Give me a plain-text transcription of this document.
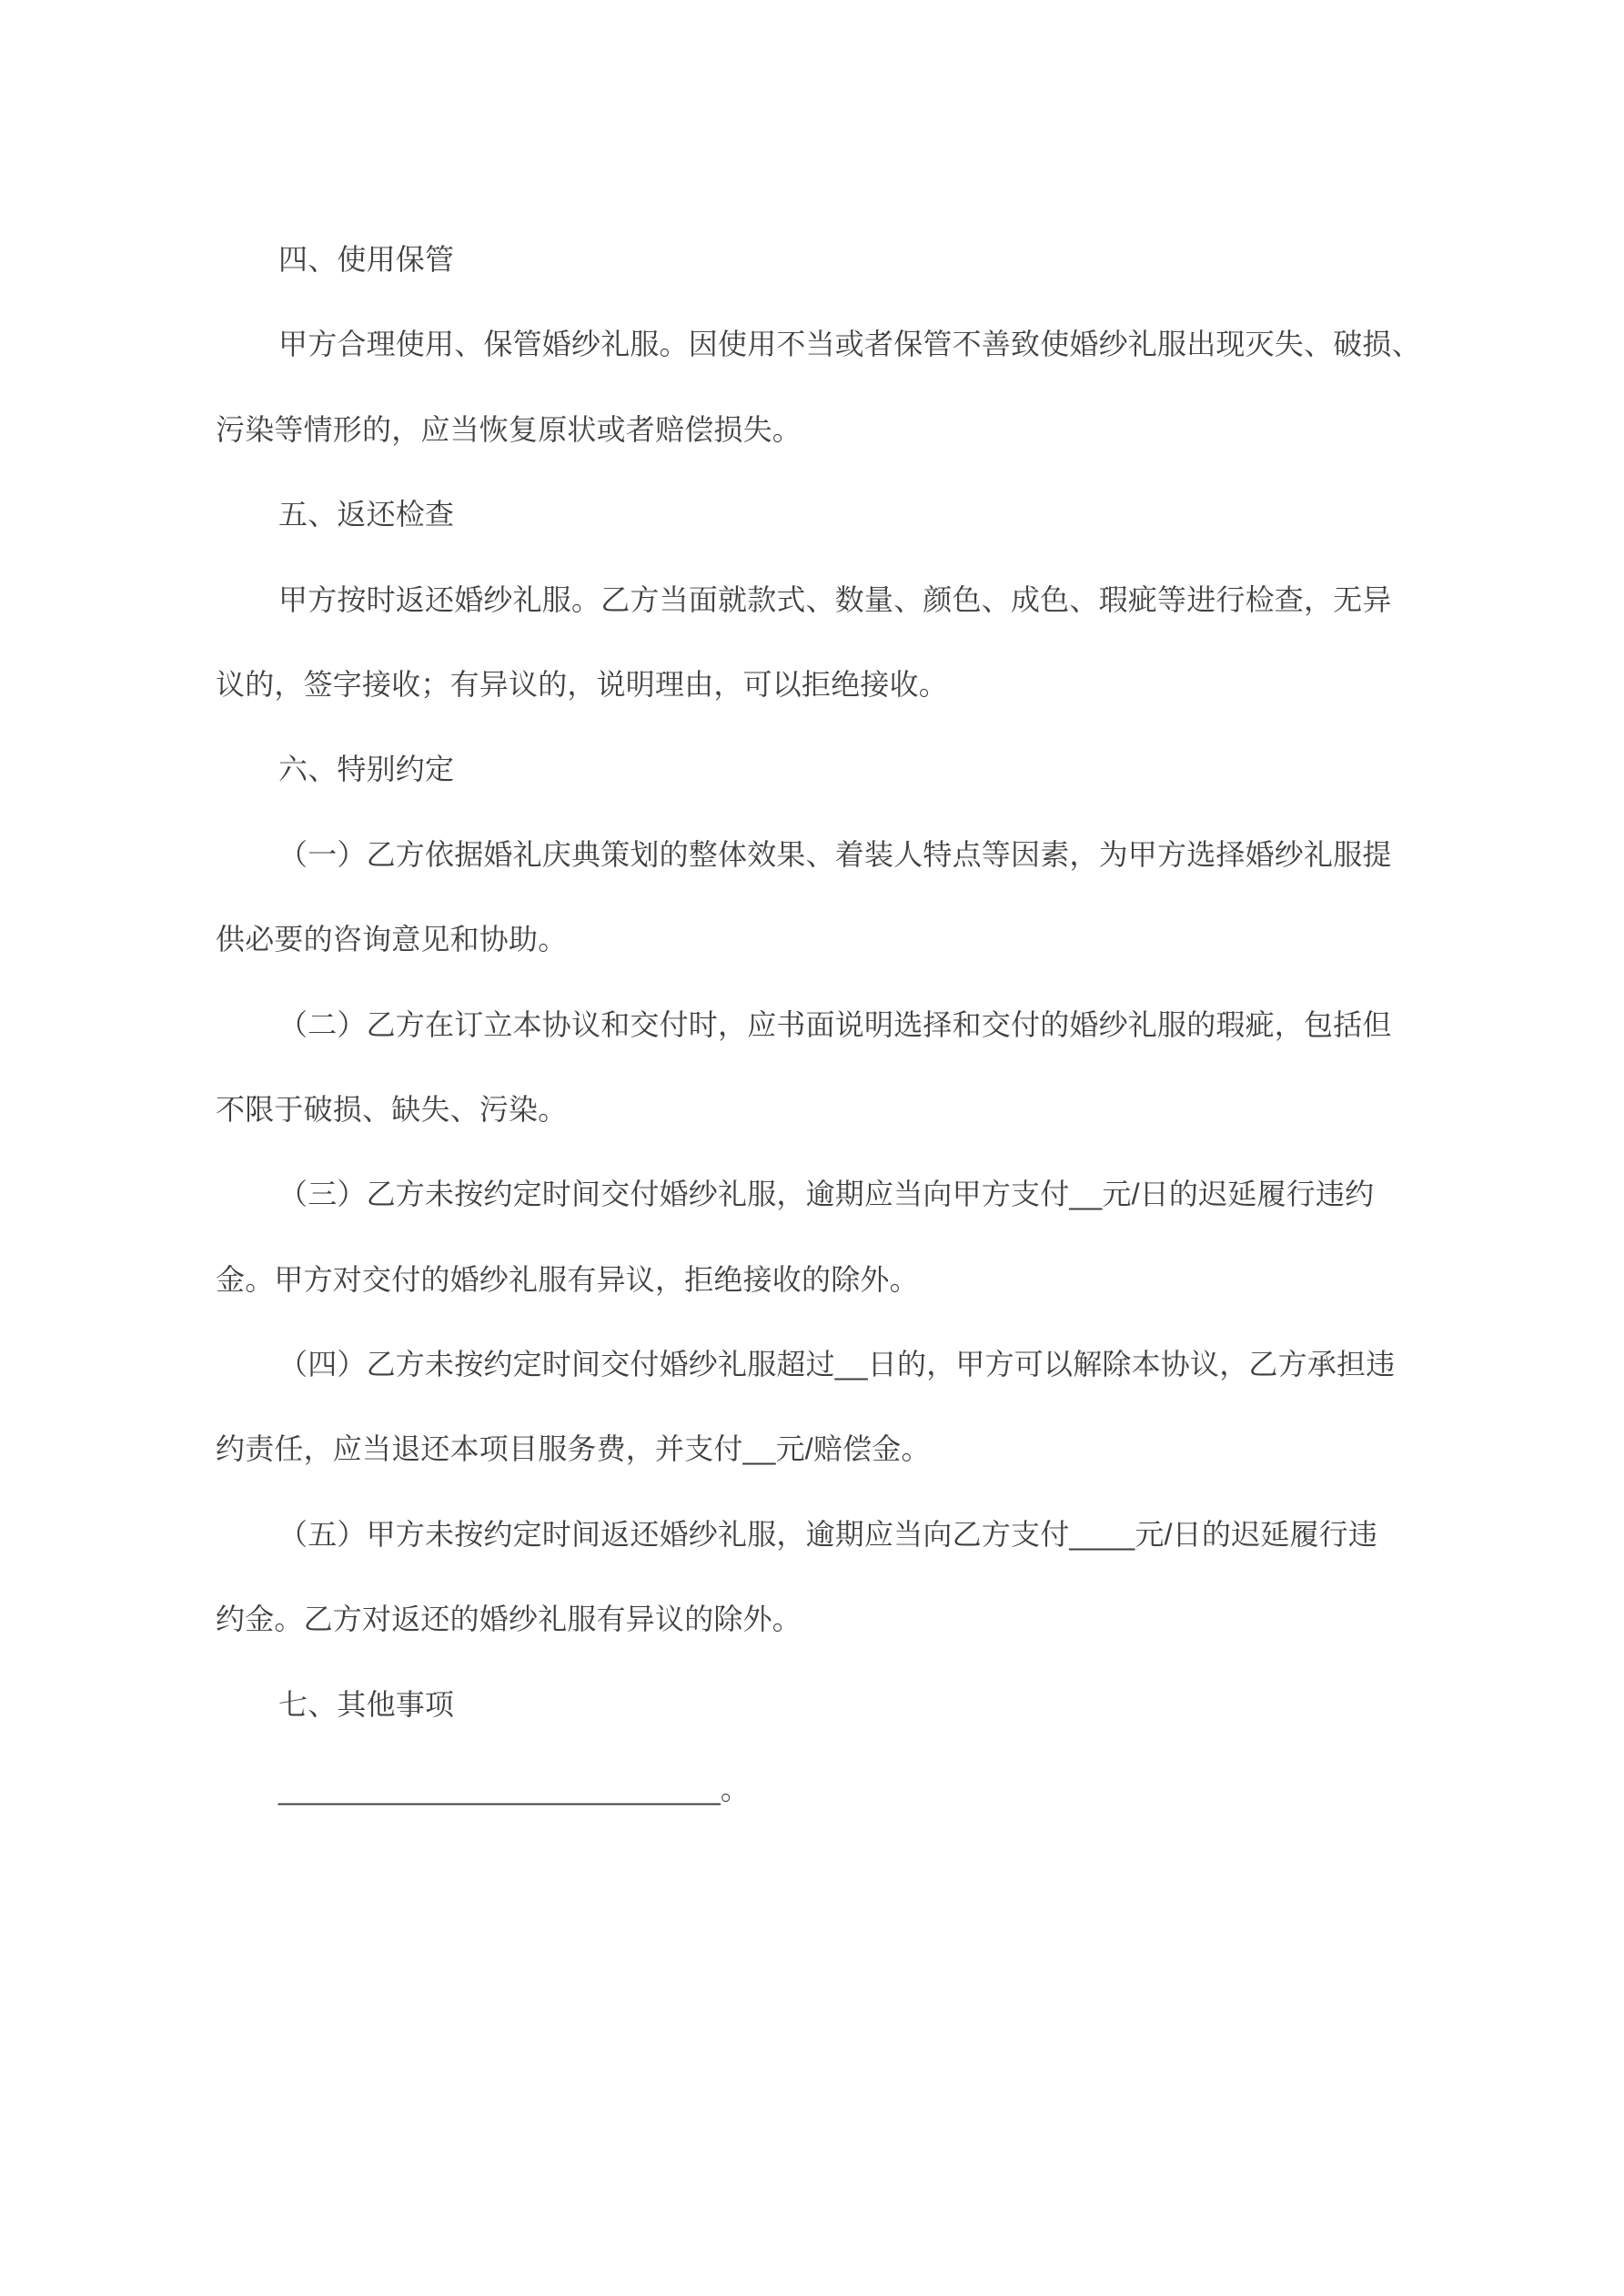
四、使用保管
甲方合理使用、保管婚纱礼服。因使用不当或者保管不善致使婚纱礼服出现灭失、破损、
污染等情形的，应当恢复原状或者赔偿损失。
五、返还检查
甲方按时返还婚纱礼服。乙方当面就款式、数量、颜色、成色、瑕疵等进行检查，无异
议的，签字接收；有异议的，说明理由，可以拒绝接收。
六、特别约定
（一）乙方依据婚礼庆典策划的整体效果、着装人特点等因素，为甲方选择婚纱礼服提
供必要的咨询意见和协助。
（二）乙方在订立本协议和交付时，应书面说明选择和交付的婚纱礼服的瑕疵，包括但
不限于破损、缺失、污染。
（三）乙方未按约定时间交付婚纱礼服，逾期应当向甲方支付__元/日的迟延履行违约
金。甲方对交付的婚纱礼服有异议，拒绝接收的除外。
（四）乙方未按约定时间交付婚纱礼服超过__日的，甲方可以解除本协议，乙方承担违
约责任，应当退还本项目服务费，并支付__元/赔偿金。
（五）甲方未按约定时间返还婚纱礼服，逾期应当向乙方支付____元/日的迟延履行违
约金。乙方对返还的婚纱礼服有异议的除外。
七、其他事项
___________________________。
